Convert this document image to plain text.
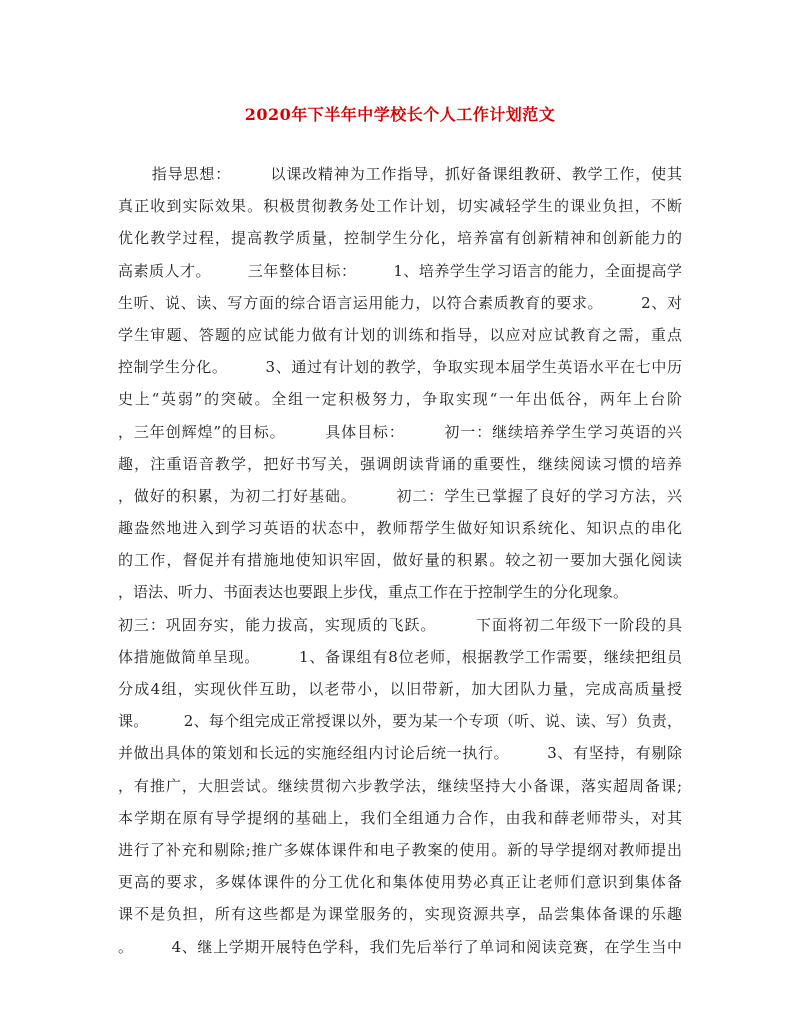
2020年下半年中学校长个人工作计划范文
指导思想：       以课改精神为工作指导，抓好备课组教研、教学工作，使其
真正收到实际效果。积极贯彻教务处工作计划，切实减轻学生的课业负担，不断
优化教学过程，提高教学质量，控制学生分化，培养富有创新精神和创新能力的
高素质人才。       三年整体目标：       1、培养学生学习语言的能力，全面提高学
生听、说、读、写方面的综合语言运用能力，以符合素质教育的要求。       2、对
学生审题、答题的应试能力做有计划的训练和指导，以应对应试教育之需，重点
控制学生分化。       3、通过有计划的教学，争取实现本届学生英语水平在七中历
史上“英弱”的突破。全组一定积极努力，争取实现“一年出低谷，两年上台阶
，三年创辉煌”的目标。       具体目标：       初一：继续培养学生学习英语的兴
趣，注重语音教学，把好书写关，强调朗读背诵的重要性，继续阅读习惯的培养
，做好的积累，为初二打好基础。       初二：学生已掌握了良好的学习方法，兴
趣盎然地进入到学习英语的状态中，教师帮学生做好知识系统化、知识点的串化
的工作，督促并有措施地使知识牢固，做好量的积累。较之初一要加大强化阅读
，语法、听力、书面表达也要跟上步伐，重点工作在于控制学生的分化现象。
初三：巩固夯实，能力拔高，实现质的飞跃。       下面将初二年级下一阶段的具
体措施做简单呈现。       1、备课组有8位老师，根据教学工作需要，继续把组员
分成4组，实现伙伴互助，以老带小，以旧带新，加大团队力量，完成高质量授
课。       2、每个组完成正常授课以外，要为某一个专项（听、说、读、写）负责，
并做出具体的策划和长远的实施经组内讨论后统一执行。       3、有坚持，有剔除
，有推广，大胆尝试。继续贯彻六步教学法，继续坚持大小备课，落实超周备课;
本学期在原有导学提纲的基础上，我们全组通力合作，由我和薛老师带头，对其
进行了补充和剔除;推广多媒体课件和电子教案的使用。新的导学提纲对教师提出
更高的要求，多媒体课件的分工优化和集体使用势必真正让老师们意识到集体备
课不是负担，所有这些都是为课堂服务的，实现资源共享，品尝集体备课的乐趣
。       4、继上学期开展特色学科，我们先后举行了单词和阅读竞赛，在学生当中
